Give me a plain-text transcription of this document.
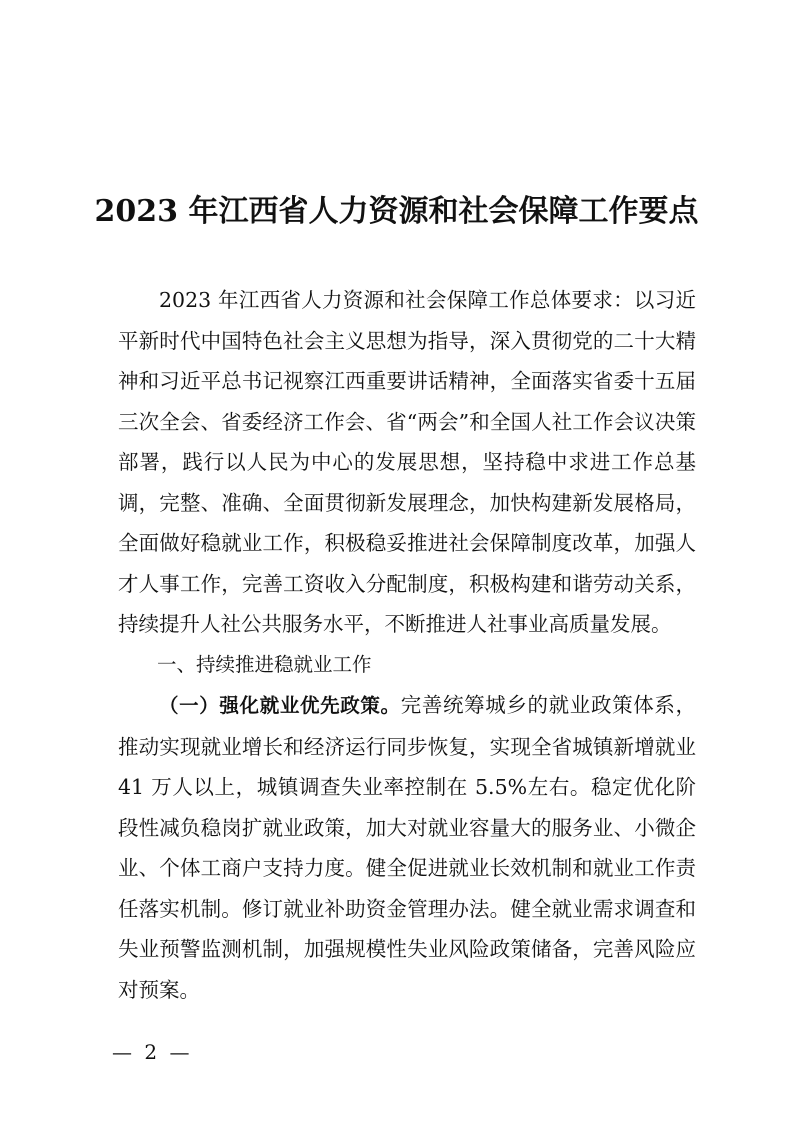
2023 年江西省人力资源和社会保障工作要点

2023 年江西省人力资源和社会保障工作总体要求：以习近平新时代中国特色社会主义思想为指导，深入贯彻党的二十大精神和习近平总书记视察江西重要讲话精神，全面落实省委十五届三次全会、省委经济工作会、省“两会”和全国人社工作会议决策部署，践行以人民为中心的发展思想，坚持稳中求进工作总基调，完整、准确、全面贯彻新发展理念，加快构建新发展格局，全面做好稳就业工作，积极稳妥推进社会保障制度改革，加强人才人事工作，完善工资收入分配制度，积极构建和谐劳动关系，持续提升人社公共服务水平，不断推进人社事业高质量发展。

一、持续推进稳就业工作

（一）强化就业优先政策。完善统筹城乡的就业政策体系，推动实现就业增长和经济运行同步恢复，实现全省城镇新增就业 41 万人以上，城镇调查失业率控制在 5.5%左右。稳定优化阶段性减负稳岗扩就业政策，加大对就业容量大的服务业、小微企业、个体工商户支持力度。健全促进就业长效机制和就业工作责任落实机制。修订就业补助资金管理办法。健全就业需求调查和失业预警监测机制，加强规模性失业风险政策储备，完善风险应对预案。

— 2 —
